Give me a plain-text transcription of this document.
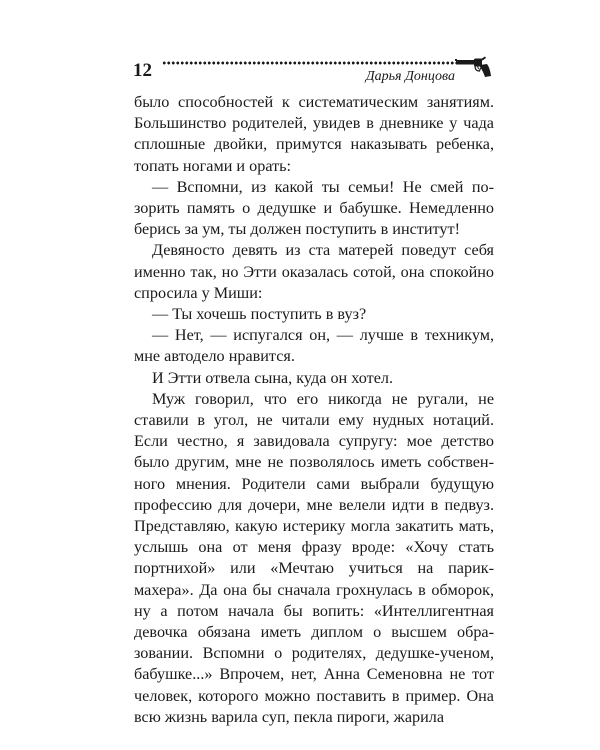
12	Дарья Донцова

было способностей к систематическим занятиям. Большинство родителей, увидев в дневнике у чада сплошные двойки, примутся наказывать ребенка, топать ногами и орать:

— Вспомни, из какой ты семьи! Не смей позорить память о дедушке и бабушке. Немедленно берись за ум, ты должен поступить в институт!

Девяносто девять из ста матерей поведут себя именно так, но Этти оказалась сотой, она спокойно спросила у Миши:

— Ты хочешь поступить в вуз?

— Нет, — испугался он, — лучше в техникум, мне автодело нравится.

И Этти отвела сына, куда он хотел.

Муж говорил, что его никогда не ругали, не ставили в угол, не читали ему нудных нотаций. Если честно, я завидовала супругу: мое детство было другим, мне не позволялось иметь собственного мнения. Родители сами выбрали будущую профессию для дочери, мне велели идти в педвуз. Представляю, какую истерику могла закатить мать, услышь она от меня фразу вроде: «Хочу стать портнихой» или «Мечтаю учиться на парикмахера». Да она бы сначала грохнулась в обморок, ну а потом начала бы вопить: «Интеллигентная девочка обязана иметь диплом о высшем образовании. Вспомни о родителях, дедушке-ученом, бабушке...» Впрочем, нет, Анна Семеновна не тот человек, которого можно поставить в пример. Она всю жизнь варила суп, пекла пироги, жарила
